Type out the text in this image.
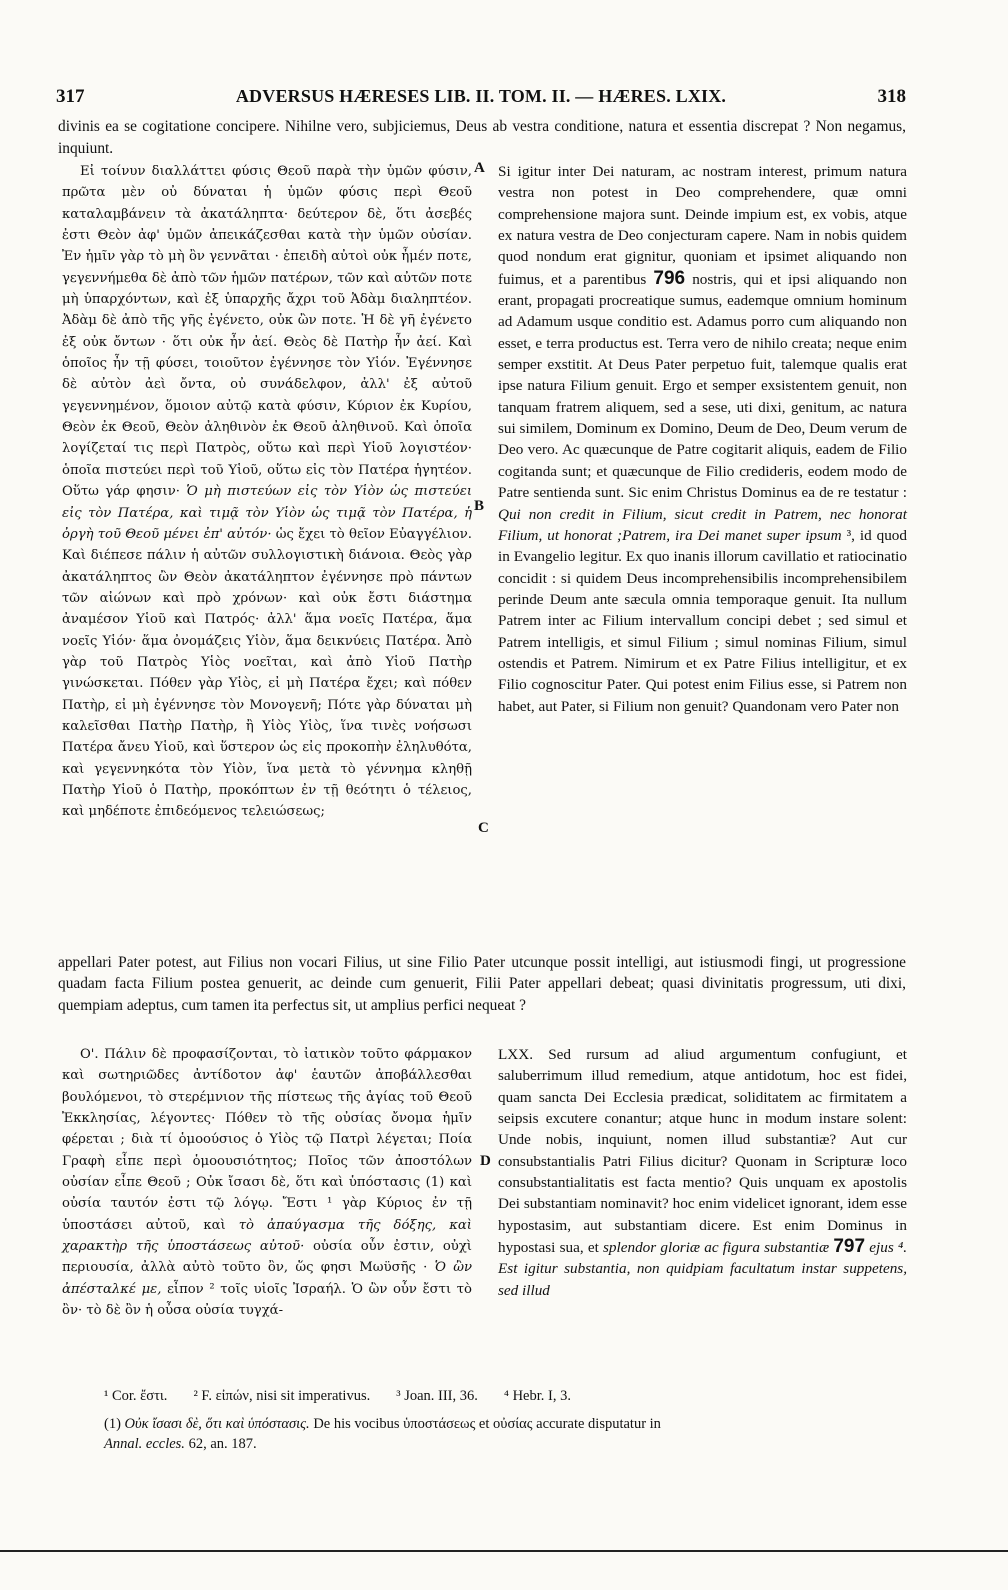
317	ADVERSUS HÆRESES LIB. II. TOM. II. — HÆRES. LXIX.	318

divinis ea se cogitatione concipere. Nihilne vero, subjiciemus, Deus ab vestra conditione, natura et essentia discrepat ? Non negamus, inquiunt.

Εἰ τοίνυν διαλλάττει φύσις Θεοῦ παρὰ τὴν ὑμῶν φύσιν, πρῶτα μὲν οὐ δύναται ἡ ὑμῶν φύσις περὶ Θεοῦ καταλαμβάνειν τὰ ἀκατάληπτα· δεύτερον δὲ, ὅτι ἀσεβές ἐστι Θεὸν ἀφ' ὑμῶν ἀπεικάζεσθαι κατὰ τὴν ὑμῶν οὐσίαν. Ἐν ἡμῖν γὰρ τὸ μὴ ὂν γεννᾶται · ἐπειδὴ αὐτοὶ οὐκ ἦμέν ποτε, γεγεννήμεθα δὲ ἀπὸ τῶν ἡμῶν πατέρων, τῶν καὶ αὐτῶν ποτε μὴ ὑπαρχόντων, καὶ ἐξ ὑπαρχῆς ἄχρι τοῦ Ἀδὰμ διαληπτέον. Ἀδὰμ δὲ ἀπὸ τῆς γῆς ἐγένετο, οὐκ ὢν ποτε. Ἡ δὲ γῆ ἐγένετο ἐξ οὐκ ὄντων · ὅτι οὐκ ἦν ἀεί. Θεὸς δὲ Πατὴρ ἦν ἀεί. Καὶ ὁποῖος ἦν τῇ φύσει, τοιοῦτον ἐγέννησε τὸν Υἱόν. Ἐγέννησε δὲ αὐτὸν ἀεὶ ὄντα, οὐ συνάδελφον, ἀλλ' ἐξ αὐτοῦ γεγεννημένον, ὅμοιον αὐτῷ κατὰ φύσιν, Κύριον ἐκ Κυρίου, Θεὸν ἐκ Θεοῦ, Θεὸν ἀληθινὸν ἐκ Θεοῦ ἀληθινοῦ. Καὶ ὁποῖα λογίζεταί τις περὶ Πατρὸς, οὕτω καὶ περὶ Υἱοῦ λογιστέον· ὁποῖα πιστεύει περὶ τοῦ Υἱοῦ, οὕτω εἰς τὸν Πατέρα ἡγητέον. Οὕτω γάρ φησιν· Ὁ μὴ πιστεύων εἰς τὸν Υἱὸν ὡς πιστεύει εἰς τὸν Πατέρα, καὶ τιμᾷ τὸν Υἱὸν ὡς τιμᾷ τὸν Πατέρα, ἡ ὀργὴ τοῦ Θεοῦ μένει ἐπ' αὐτόν· ὡς ἔχει τὸ θεῖον Εὐαγγέλιον. Καὶ διέπεσε πάλιν ἡ αὐτῶν συλλογιστικὴ διάνοια. Θεὸς γὰρ ἀκατάληπτος ὢν Θεὸν ἀκατάληπτον ἐγέννησε πρὸ πάντων τῶν αἰώνων καὶ πρὸ χρόνων· καὶ οὐκ ἔστι διάστημα ἀναμέσον Υἱοῦ καὶ Πατρός· ἀλλ' ἅμα νοεῖς Πατέρα, ἅμα νοεῖς Υἱόν· ἅμα ὀνομάζεις Υἱὸν, ἅμα δεικνύεις Πατέρα. Ἀπὸ γὰρ τοῦ Πατρὸς Υἱὸς νοεῖται, καὶ ἀπὸ Υἱοῦ Πατὴρ γινώσκεται. Πόθεν γὰρ Υἱὸς, εἰ μὴ Πατέρα ἔχει; καὶ πόθεν Πατὴρ, εἰ μὴ ἐγέννησε τὸν Μονογενῆ; Πότε γὰρ δύναται μὴ καλεῖσθαι Πατὴρ Πατὴρ, ἢ Υἱὸς Υἱὸς, ἵνα τινὲς νοήσωσι Πατέρα ἄνευ Υἱοῦ, καὶ ὕστερον ὡς εἰς προκοπὴν ἐληλυθότα, καὶ γεγεννηκότα τὸν Υἱὸν, ἵνα μετὰ τὸ γέννημα κληθῇ Πατὴρ Υἱοῦ ὁ Πατὴρ, προκόπτων ἐν τῇ θεότητι ὁ τέλειος, καὶ μηδέποτε ἐπιδεόμενος τελειώσεως;

Si igitur inter Dei naturam, ac nostram interest, primum natura vestra non potest in Deo comprehendere, quæ omni comprehensione majora sunt. Deinde impium est, ex vobis, atque ex natura vestra de Deo conjecturam capere. Nam in nobis quidem quod nondum erat gignitur, quoniam et ipsimet aliquando non fuimus, et a parentibus 796 nostris, qui et ipsi aliquando non erant, propagati procreatique sumus, eademque omnium hominum ad Adamum usque conditio est. Adamus porro cum aliquando non esset, e terra productus est. Terra vero de nihilo creata; neque enim semper exstitit. At Deus Pater perpetuo fuit, talemque qualis erat ipse natura Filium genuit. Ergo et semper exsistentem genuit, non tanquam fratrem aliquem, sed a sese, uti dixi, genitum, ac natura sui similem, Dominum ex Domino, Deum de Deo, Deum verum de Deo vero. Ac quæcunque de Patre cogitarit aliquis, eadem de Filio cogitanda sunt; et quæcunque de Filio credideris, eodem modo de Patre sentienda sunt. Sic enim Christus Dominus ea de re testatur : Qui non credit in Filium, sicut credit in Patrem, nec honorat Filium, ut honorat ;Patrem, ira Dei manet super ipsum ³, id quod in Evangelio legitur. Ex quo inanis illorum cavillatio et ratiocinatio concidit : si quidem Deus incomprehensibilis incomprehensibilem perinde Deum ante sæcula omnia temporaque genuit. Ita nullum Patrem inter ac Filium intervallum concipi debet ; sed simul et Patrem intelligis, et simul Filium ; simul nominas Filium, simul ostendis et Patrem. Nimirum et ex Patre Filius intelligitur, et ex Filio cognoscitur Pater. Qui potest enim Filius esse, si Patrem non habet, aut Pater, si Filium non genuit? Quandonam vero Pater non

A
B
C
D

appellari Pater potest, aut Filius non vocari Filius, ut sine Filio Pater utcunque possit intelligi, aut istiusmodi fingi, ut progressione quadam facta Filium postea genuerit, ac deinde cum genuerit, Filii Pater appellari debeat; quasi divinitatis progressum, uti dixi, quempiam adeptus, cum tamen ita perfectus sit, ut amplius perfici nequeat ?

Ο'. Πάλιν δὲ προφασίζονται, τὸ ἰατικὸν τοῦτο φάρμακον καὶ σωτηριῶδες ἀντίδοτον ἀφ' ἑαυτῶν ἀποβάλλεσθαι βουλόμενοι, τὸ στερέμνιον τῆς πίστεως τῆς ἁγίας τοῦ Θεοῦ Ἐκκλησίας, λέγοντες· Πόθεν τὸ τῆς οὐσίας ὄνομα ἡμῖν φέρεται ; διὰ τί ὁμοούσιος ὁ Υἱὸς τῷ Πατρὶ λέγεται; Ποία Γραφὴ εἶπε περὶ ὁμοουσιότητος; Ποῖος τῶν ἀποστόλων οὐσίαν εἶπε Θεοῦ ; Οὐκ ἴσασι δὲ, ὅτι καὶ ὑπόστασις (1) καὶ οὐσία ταυτόν ἐστι τῷ λόγῳ. Ἔστι ¹ γὰρ Κύριος ἐν τῇ ὑποστάσει αὐτοῦ, καὶ τὸ ἀπαύγασμα τῆς δόξης, καὶ χαρακτὴρ τῆς ὑποστάσεως αὐτοῦ· οὐσία οὖν ἐστιν, οὐχὶ περιουσία, ἀλλὰ αὐτὸ τοῦτο ὂν, ὥς φησι Μωϋσῆς · Ὁ ὢν ἀπέσταλκέ με, εἶπον ² τοῖς υἱοῖς Ἰσραήλ. Ὁ ὢν οὖν ἔστι τὸ ὂν· τὸ δὲ ὂν ἡ οὖσα οὐσία τυγχά-

LXX. Sed rursum ad aliud argumentum confugiunt, et saluberrimum illud remedium, atque antidotum, hoc est fidei, quam sancta Dei Ecclesia prædicat, soliditatem ac firmitatem a seipsis excutere conantur; atque hunc in modum instare solent: Unde nobis, inquiunt, nomen illud substantiæ? Aut cur consubstantialis Patri Filius dicitur? Quonam in Scripturæ loco consubstantialitatis est facta mentio? Quis unquam ex apostolis Dei substantiam nominavit? hoc enim videlicet ignorant, idem esse hypostasim, aut substantiam dicere. Est enim Dominus in hypostasi sua, et splendor gloriæ ac figura substantiæ 797 ejus ⁴. Est igitur substantia, non quidpiam facultatum instar suppetens, sed illud

¹ Cor. ἔστι. ² F. εἰπών, nisi sit imperativus. ³ Joan. III, 36. ⁴ Hebr. I, 3.
(1) Οὐκ ἴσασι δὲ, ὅτι καὶ ὑπόστασις. De his vocibus ὑποστάσεως et οὐσίας accurate disputatur in
Annal. eccles. 62, an. 187.
